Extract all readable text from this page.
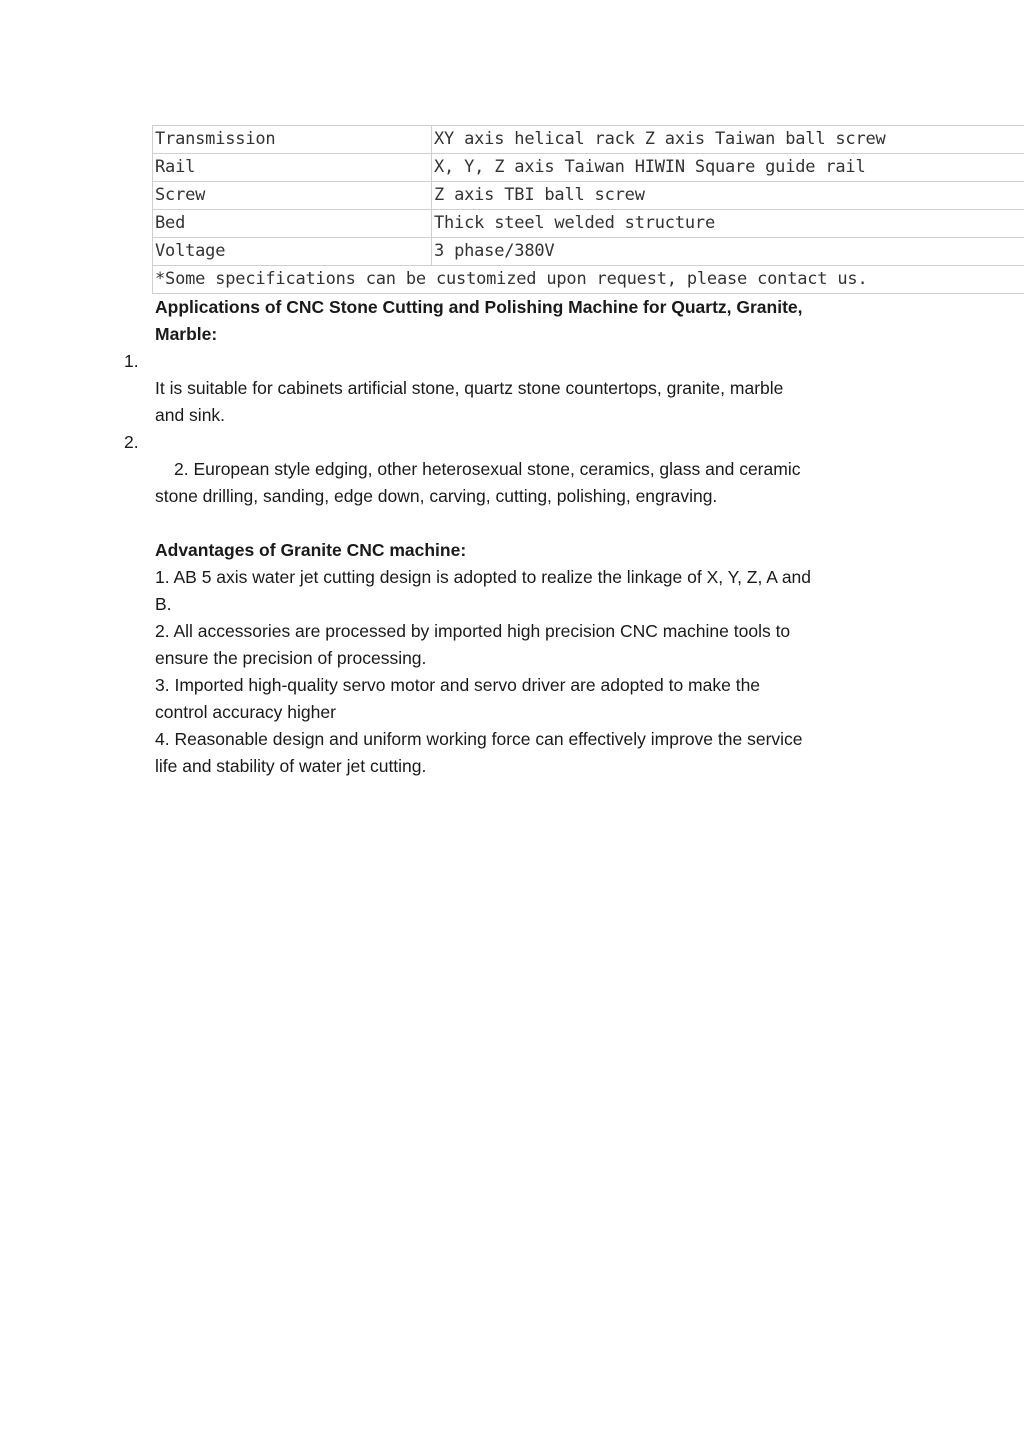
Transmission	XY axis helical rack Z axis Taiwan ball screw
Rail	X, Y, Z axis Taiwan HIWIN Square guide rail
Screw	Z axis TBI ball screw
Bed	Thick steel welded structure
Voltage	3 phase/380V
*Some specifications can be customized upon request, please contact us.	
Applications of CNC Stone Cutting and Polishing Machine for Quartz, Granite,
Marble:
1.
It is suitable for cabinets artificial stone, quartz stone countertops, granite, marble
and sink.
2.
2. European style edging, other heterosexual stone, ceramics, glass and ceramic
stone drilling, sanding, edge down, carving, cutting, polishing, engraving.
Advantages of Granite CNC machine:
1. AB 5 axis water jet cutting design is adopted to realize the linkage of X, Y, Z, A and
B.
2. All accessories are processed by imported high precision CNC machine tools to
ensure the precision of processing.
3. Imported high-quality servo motor and servo driver are adopted to make the
control accuracy higher
4. Reasonable design and uniform working force can effectively improve the service
life and stability of water jet cutting.
